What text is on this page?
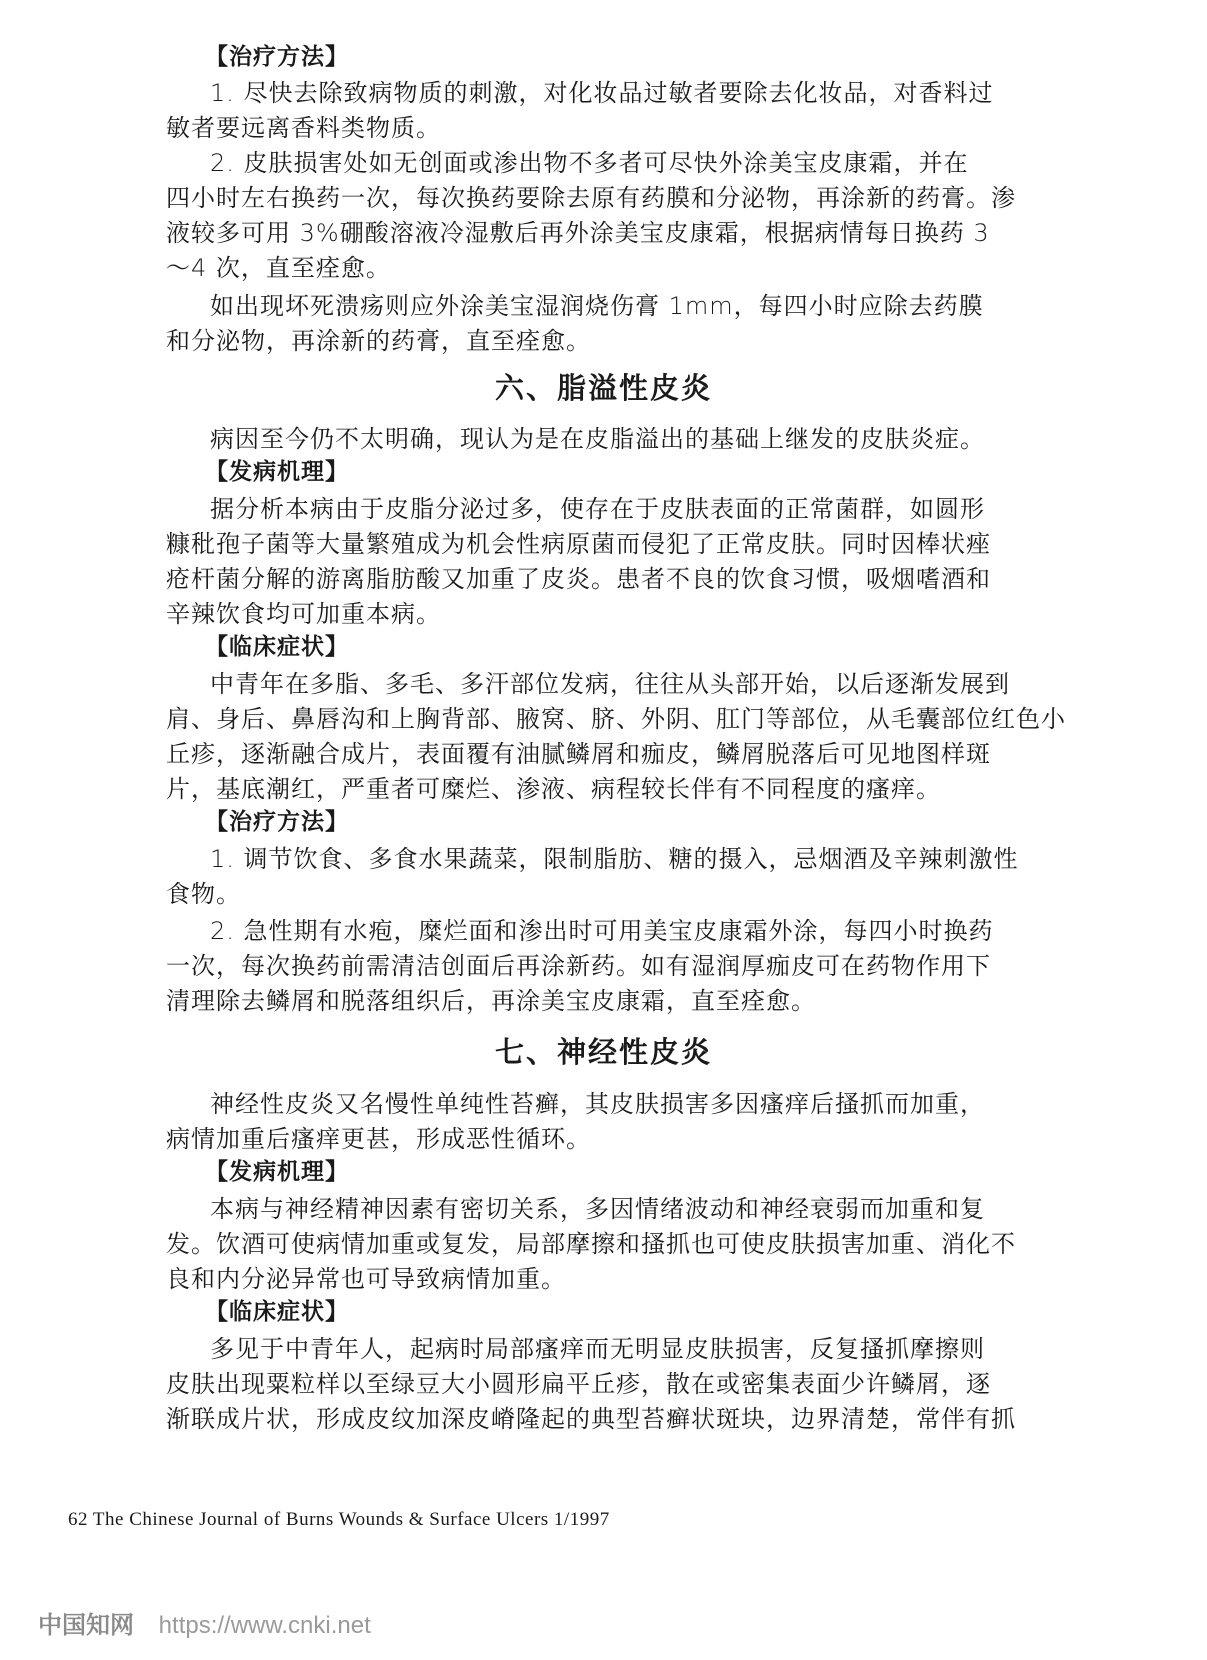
【治疗方法】
1. 尽快去除致病物质的刺激，对化妆品过敏者要除去化妆品，对香料过
敏者要远离香料类物质。
2. 皮肤损害处如无创面或渗出物不多者可尽快外涂美宝皮康霜，并在
四小时左右换药一次，每次换药要除去原有药膜和分泌物，再涂新的药膏。渗
液较多可用 3%硼酸溶液冷湿敷后再外涂美宝皮康霜，根据病情每日换药 3
～4 次，直至痊愈。
如出现坏死溃疡则应外涂美宝湿润烧伤膏 1mm，每四小时应除去药膜
和分泌物，再涂新的药膏，直至痊愈。
六、脂溢性皮炎
病因至今仍不太明确，现认为是在皮脂溢出的基础上继发的皮肤炎症。
【发病机理】
据分析本病由于皮脂分泌过多，使存在于皮肤表面的正常菌群，如圆形
糠秕孢子菌等大量繁殖成为机会性病原菌而侵犯了正常皮肤。同时因棒状痤
疮杆菌分解的游离脂肪酸又加重了皮炎。患者不良的饮食习惯，吸烟嗜酒和
辛辣饮食均可加重本病。
【临床症状】
中青年在多脂、多毛、多汗部位发病，往往从头部开始，以后逐渐发展到
肩、身后、鼻唇沟和上胸背部、腋窝、脐、外阴、肛门等部位，从毛囊部位红色小
丘疹，逐渐融合成片，表面覆有油腻鳞屑和痂皮，鳞屑脱落后可见地图样斑
片，基底潮红，严重者可糜烂、渗液、病程较长伴有不同程度的瘙痒。
【治疗方法】
1. 调节饮食、多食水果蔬菜，限制脂肪、糖的摄入，忌烟酒及辛辣刺激性
食物。
2. 急性期有水疱，糜烂面和渗出时可用美宝皮康霜外涂，每四小时换药
一次，每次换药前需清洁创面后再涂新药。如有湿润厚痂皮可在药物作用下
清理除去鳞屑和脱落组织后，再涂美宝皮康霜，直至痊愈。
七、神经性皮炎
神经性皮炎又名慢性单纯性苔癣，其皮肤损害多因瘙痒后搔抓而加重，
病情加重后瘙痒更甚，形成恶性循环。
【发病机理】
本病与神经精神因素有密切关系，多因情绪波动和神经衰弱而加重和复
发。饮酒可使病情加重或复发，局部摩擦和搔抓也可使皮肤损害加重、消化不
良和内分泌异常也可导致病情加重。
【临床症状】
多见于中青年人，起病时局部瘙痒而无明显皮肤损害，反复搔抓摩擦则
皮肤出现粟粒样以至绿豆大小圆形扁平丘疹，散在或密集表面少许鳞屑，逐
渐联成片状，形成皮纹加深皮嵴隆起的典型苔癣状斑块，边界清楚，常伴有抓
62 The Chinese Journal of Burns Wounds & Surface Ulcers 1/1997
中国知网 https://www.cnki.net
